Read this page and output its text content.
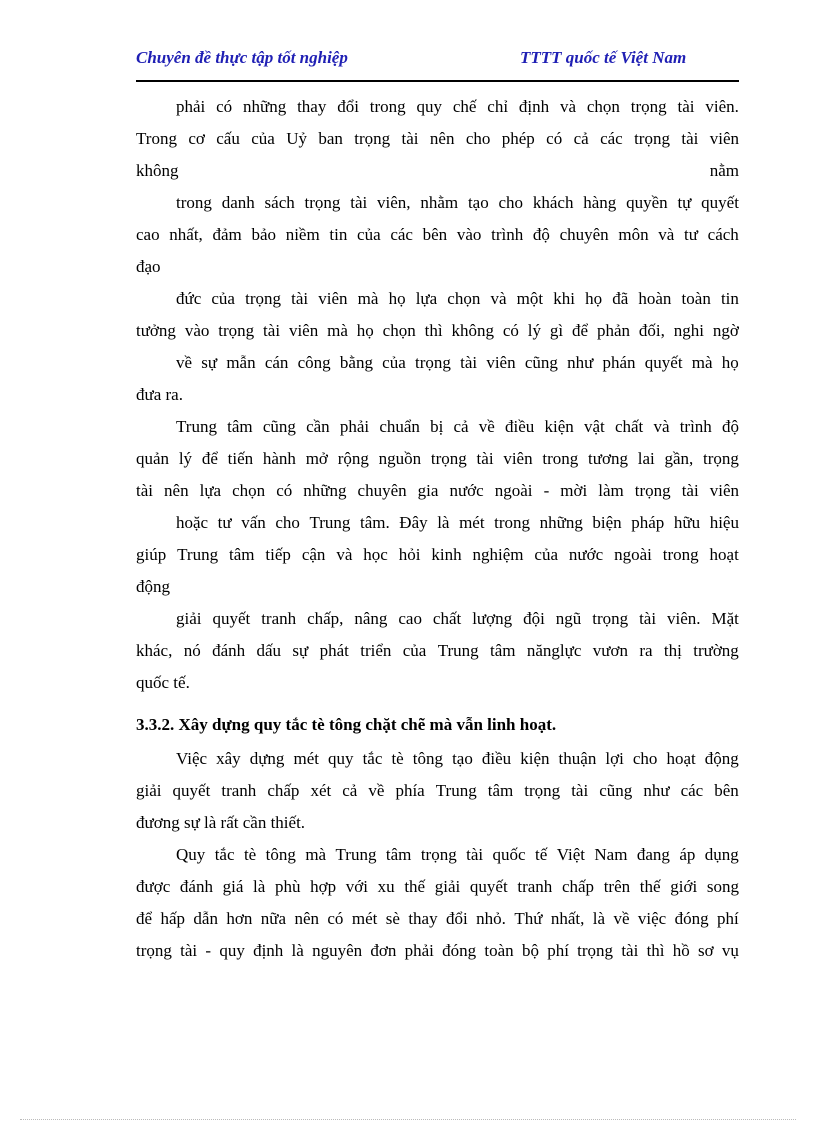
Chuyên đề thực tập tốt nghiệp	TTTT quốc tế Việt Nam
phải có những thay đổi trong quy chế chỉ định và chọn trọng tài viên.
Trong cơ cấu của Uỷ ban trọng tài nên cho phép có cả các trọng tài viên
không	nằm
trong danh sách trọng tài viên, nhằm tạo cho khách hàng quyền tự quyết
cao nhất, đảm bảo niềm tin của các bên vào trình độ chuyên môn và tư cách
đạo
đức của trọng tài viên mà họ lựa chọn và một khi họ đã hoàn toàn tin
tưởng vào trọng tài viên mà họ chọn thì không có lý gì để phản đối, nghi ngờ
về sự mẫn cán công bằng của trọng tài viên cũng như phán quyết mà họ
đưa ra.
Trung tâm cũng cần phải chuẩn bị cả về điều kiện vật chất và trình độ
quản lý để tiến hành mở rộng nguồn trọng tài viên trong tương lai gần, trọng
tài nên lựa chọn có những chuyên gia nước ngoài - mời làm trọng tài viên
hoặc tư vấn cho Trung tâm. Đây là mét trong những biện pháp hữu hiệu
giúp Trung tâm tiếp cận và học hỏi kinh nghiệm của nước ngoài trong hoạt
động
giải quyết tranh chấp, nâng cao chất lượng đội ngũ trọng tài viên. Mặt
khác, nó đánh dấu sự phát triển của Trung tâm nănglực vươn ra thị trường
quốc tế.
3.3.2. Xây dựng quy tắc tè tông chặt chẽ mà vẫn linh hoạt.
Việc xây dựng mét quy tắc tè tông tạo điều kiện thuận lợi cho hoạt động
giải quyết tranh chấp xét cả về phía Trung tâm trọng tài cũng như các bên
đương sự là rất cần thiết.
Quy tắc tè tông mà Trung tâm trọng tài quốc tế Việt Nam đang áp dụng
được đánh giá là phù hợp với xu thế giải quyết tranh chấp trên thế giới song
để hấp dẫn hơn nữa nên có mét sè thay đổi nhỏ. Thứ nhất, là về việc đóng phí
trọng tài - quy định là nguyên đơn phải đóng toàn bộ phí trọng tài thì hồ sơ vụ
